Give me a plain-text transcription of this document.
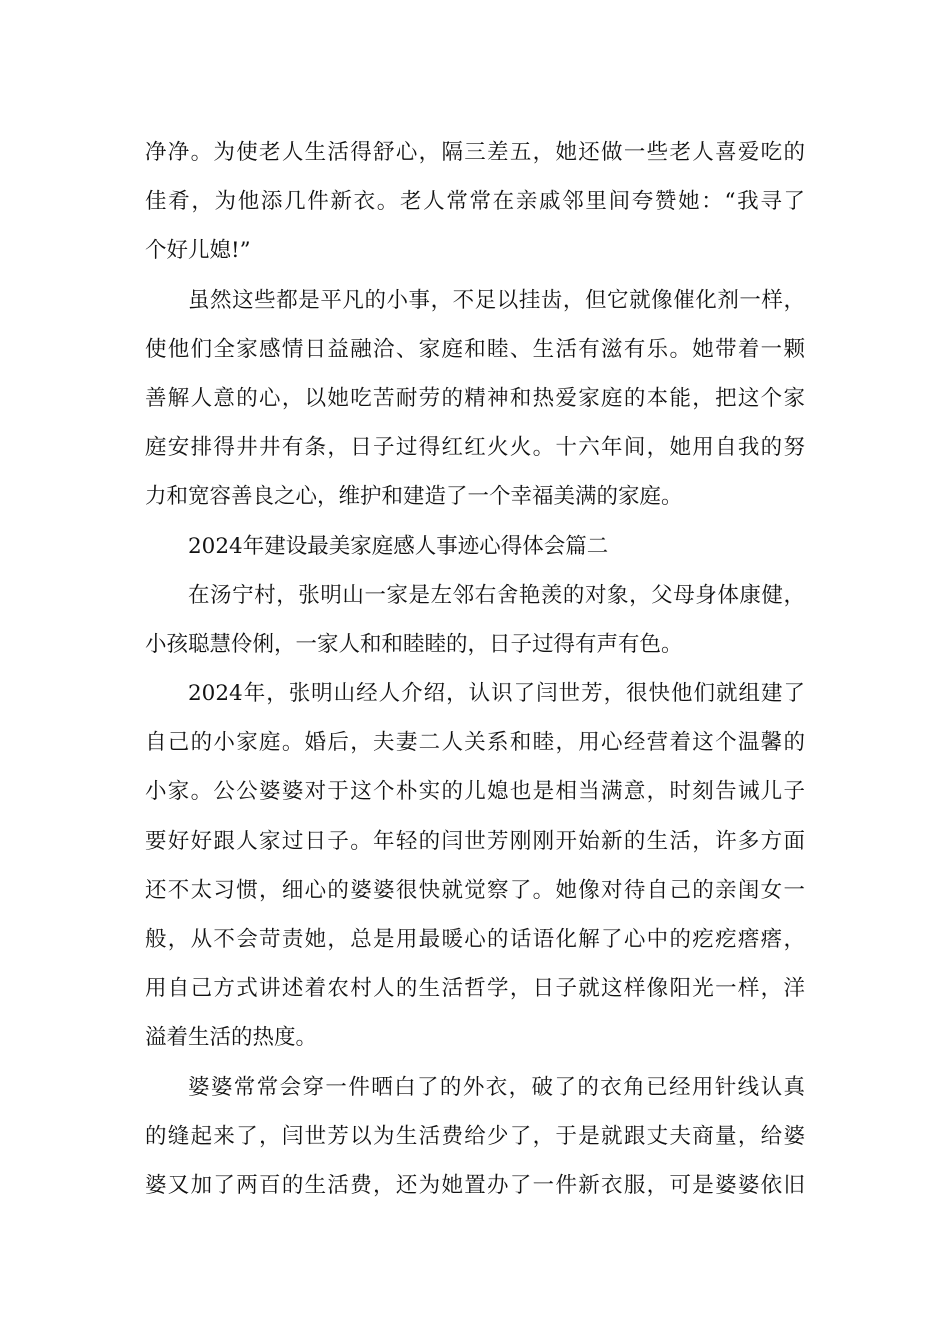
净净。为使老人生活得舒心，隔三差五，她还做一些老人喜爱吃的
佳肴，为他添几件新衣。老人常常在亲戚邻里间夸赞她：“我寻了
个好儿媳!”
虽然这些都是平凡的小事，不足以挂齿，但它就像催化剂一样，
使他们全家感情日益融洽、家庭和睦、生活有滋有乐。她带着一颗
善解人意的心，以她吃苦耐劳的精神和热爱家庭的本能，把这个家
庭安排得井井有条，日子过得红红火火。十六年间，她用自我的努
力和宽容善良之心，维护和建造了一个幸福美满的家庭。
2024年建设最美家庭感人事迹心得体会篇二
在汤宁村，张明山一家是左邻右舍艳羡的对象，父母身体康健，
小孩聪慧伶俐，一家人和和睦睦的，日子过得有声有色。
2024年，张明山经人介绍，认识了闫世芳，很快他们就组建了
自己的小家庭。婚后，夫妻二人关系和睦，用心经营着这个温馨的
小家。公公婆婆对于这个朴实的儿媳也是相当满意，时刻告诫儿子
要好好跟人家过日子。年轻的闫世芳刚刚开始新的生活，许多方面
还不太习惯，细心的婆婆很快就觉察了。她像对待自己的亲闺女一
般，从不会苛责她，总是用最暖心的话语化解了心中的疙疙瘩瘩，
用自己方式讲述着农村人的生活哲学，日子就这样像阳光一样，洋
溢着生活的热度。
婆婆常常会穿一件晒白了的外衣，破了的衣角已经用针线认真
的缝起来了，闫世芳以为生活费给少了，于是就跟丈夫商量，给婆
婆又加了两百的生活费，还为她置办了一件新衣服，可是婆婆依旧
